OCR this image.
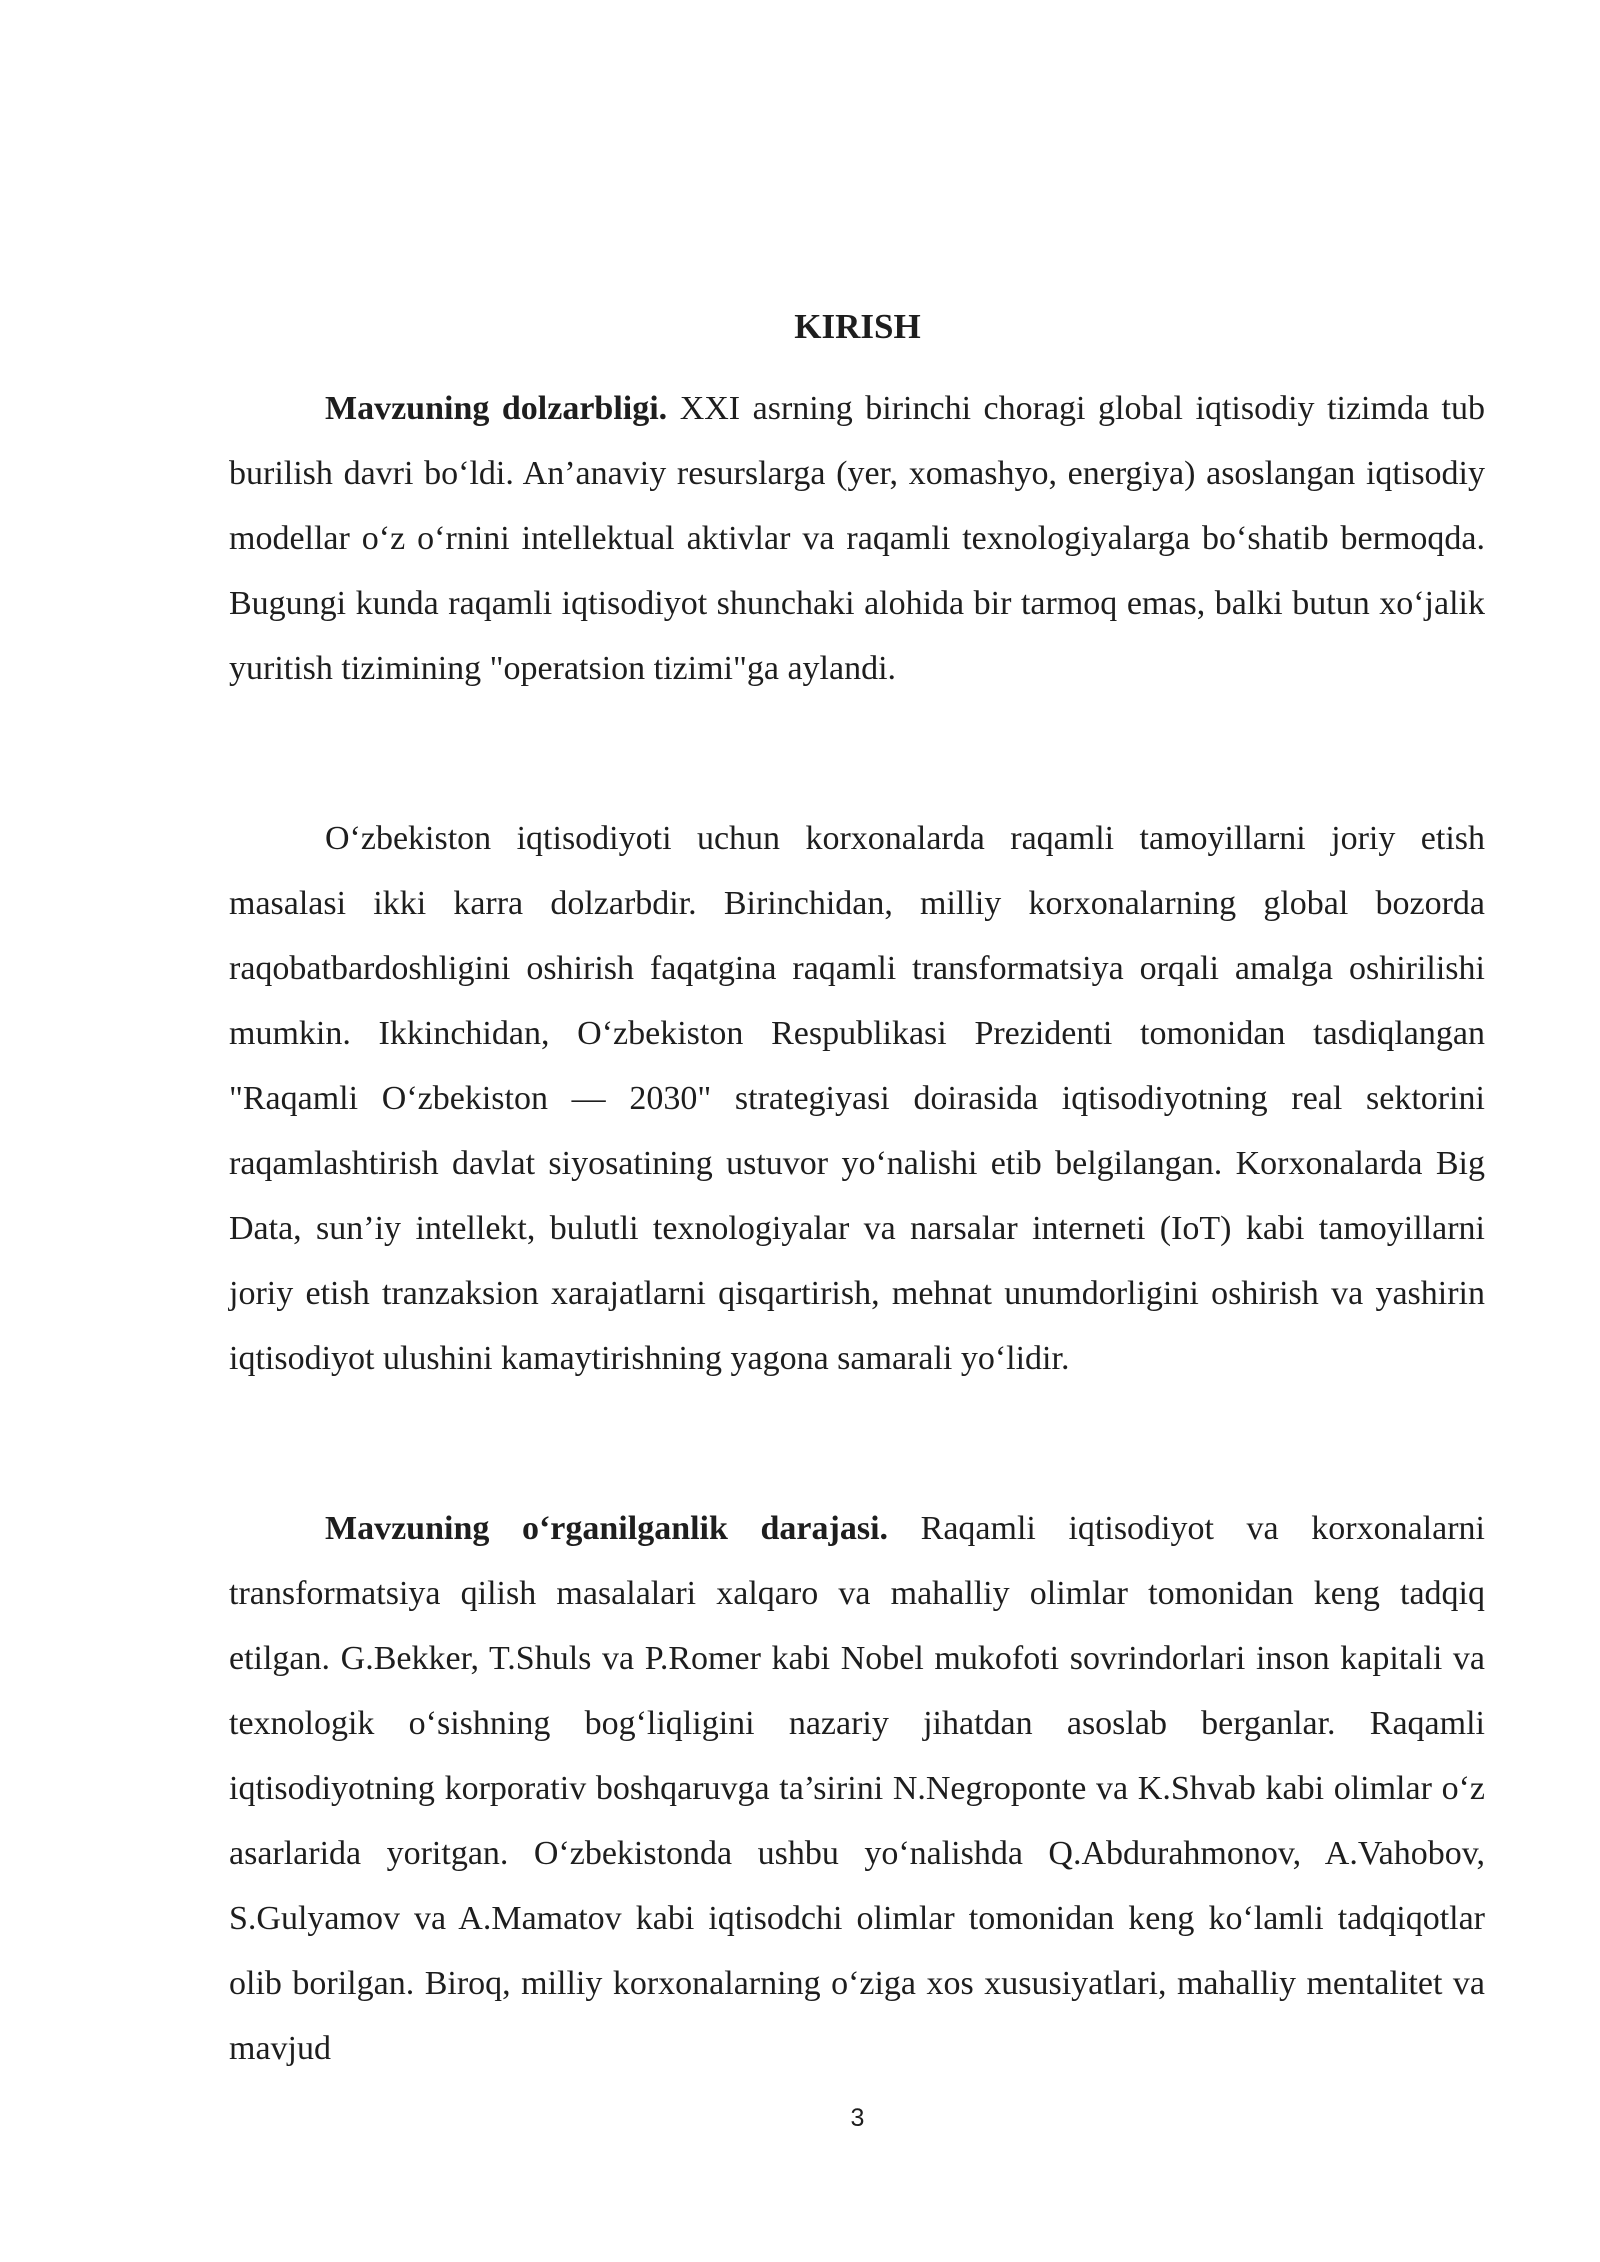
KIRISH

Mavzuning dolzarbligi. XXI asrning birinchi choragi global iqtisodiy tizimda tub burilish davri bo‘ldi. An’anaviy resurslarga (yer, xomashyo, energiya) asoslangan iqtisodiy modellar o‘z o‘rnini intellektual aktivlar va raqamli texnologiyalarga bo‘shatib bermoqda. Bugungi kunda raqamli iqtisodiyot shunchaki alohida bir tarmoq emas, balki butun xo‘jalik yuritish tizimining "operatsion tizimi"ga aylandi.

O‘zbekiston iqtisodiyoti uchun korxonalarda raqamli tamoyillarni joriy etish masalasi ikki karra dolzarbdir. Birinchidan, milliy korxonalarning global bozorda raqobatbardoshligini oshirish faqatgina raqamli transformatsiya orqali amalga oshirilishi mumkin. Ikkinchidan, O‘zbekiston Respublikasi Prezidenti tomonidan tasdiqlangan "Raqamli O‘zbekiston — 2030" strategiyasi doirasida iqtisodiyotning real sektorini raqamlashtirish davlat siyosatining ustuvor yo‘nalishi etib belgilangan. Korxonalarda Big Data, sun’iy intellekt, bulutli texnologiyalar va narsalar interneti (IoT) kabi tamoyillarni joriy etish tranzaksion xarajatlarni qisqartirish, mehnat unumdorligini oshirish va yashirin iqtisodiyot ulushini kamaytirishning yagona samarali yo‘lidir.

Mavzuning o‘rganilganlik darajasi. Raqamli iqtisodiyot va korxonalarni transformatsiya qilish masalalari xalqaro va mahalliy olimlar tomonidan keng tadqiq etilgan. G.Bekker, T.Shuls va P.Romer kabi Nobel mukofoti sovrindorlari inson kapitali va texnologik o‘sishning bog‘liqligini nazariy jihatdan asoslab berganlar. Raqamli iqtisodiyotning korporativ boshqaruvga ta’sirini N.Negroponte va K.Shvab kabi olimlar o‘z asarlarida yoritgan. O‘zbekistonda ushbu yo‘nalishda Q.Abdurahmonov, A.Vahobov, S.Gulyamov va A.Mamatov kabi iqtisodchi olimlar tomonidan keng ko‘lamli tadqiqotlar olib borilgan. Biroq, milliy korxonalarning o‘ziga xos xususiyatlari, mahalliy mentalitet va mavjud

3
